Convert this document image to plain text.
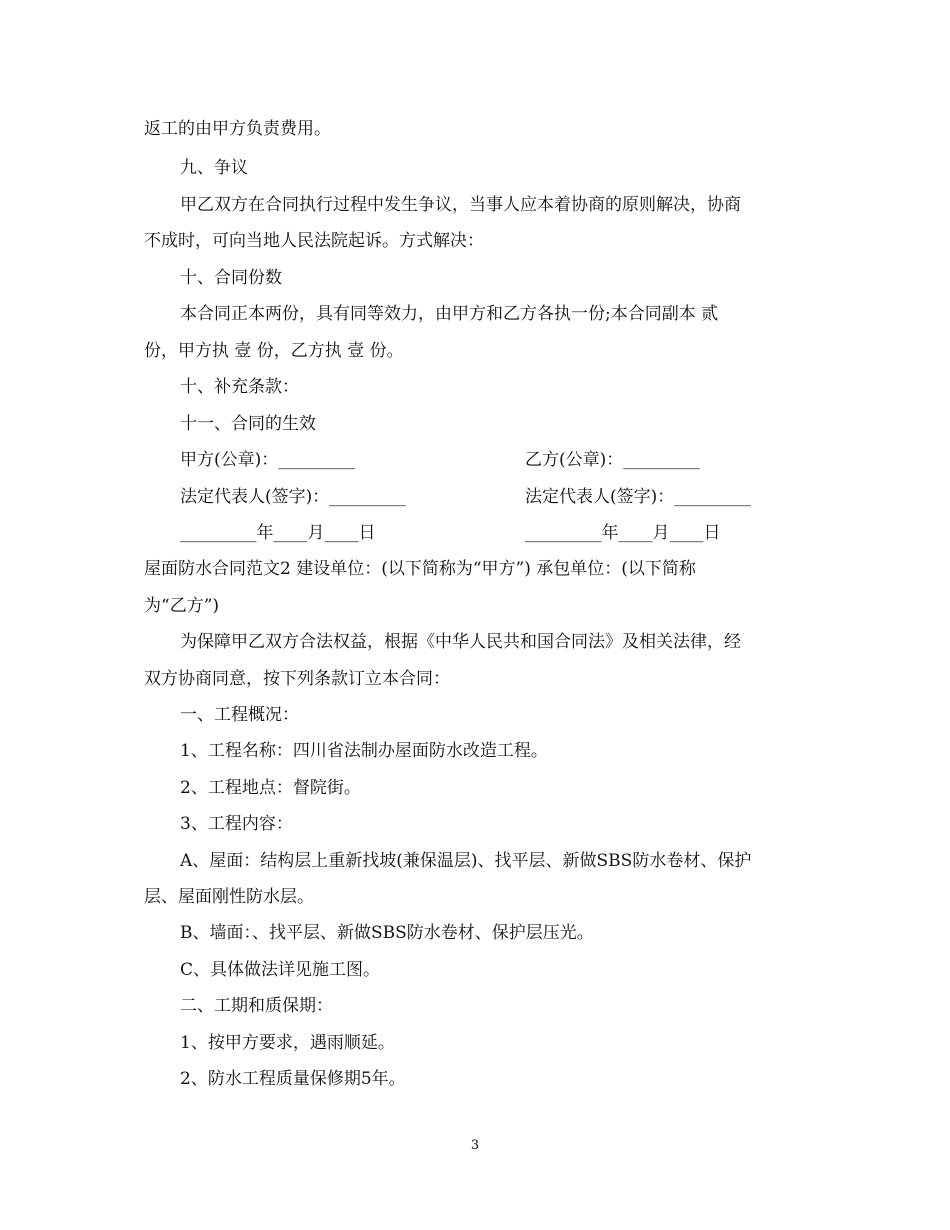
返工的由甲方负责费用。
九、争议
甲乙双方在合同执行过程中发生争议，当事人应本着协商的原则解决，协商
不成时，可向当地人民法院起诉。方式解决：
十、合同份数
本合同正本两份，具有同等效力，由甲方和乙方各执一份;本合同副本 贰
份，甲方执 壹 份，乙方执 壹 份。
十、补充条款：
十一、合同的生效
甲方(公章)：_________	乙方(公章)：_________
法定代表人(签字)：_________	法定代表人(签字)：_________
_________年____月____日	_________年____月____日
屋面防水合同范文2 建设单位：(以下简称为“甲方”) 承包单位：(以下简称
为“乙方”)
为保障甲乙双方合法权益，根据《中华人民共和国合同法》及相关法律，经
双方协商同意，按下列条款订立本合同：
一、工程概况：
1、工程名称：四川省法制办屋面防水改造工程。
2、工程地点：督院街。
3、工程内容：
A、屋面：结构层上重新找坡(兼保温层)、找平层、新做SBS防水卷材、保护
层、屋面刚性防水层。
B、墙面：、找平层、新做SBS防水卷材、保护层压光。
C、具体做法详见施工图。
二、工期和质保期：
1、按甲方要求，遇雨顺延。
2、防水工程质量保修期5年。
3
